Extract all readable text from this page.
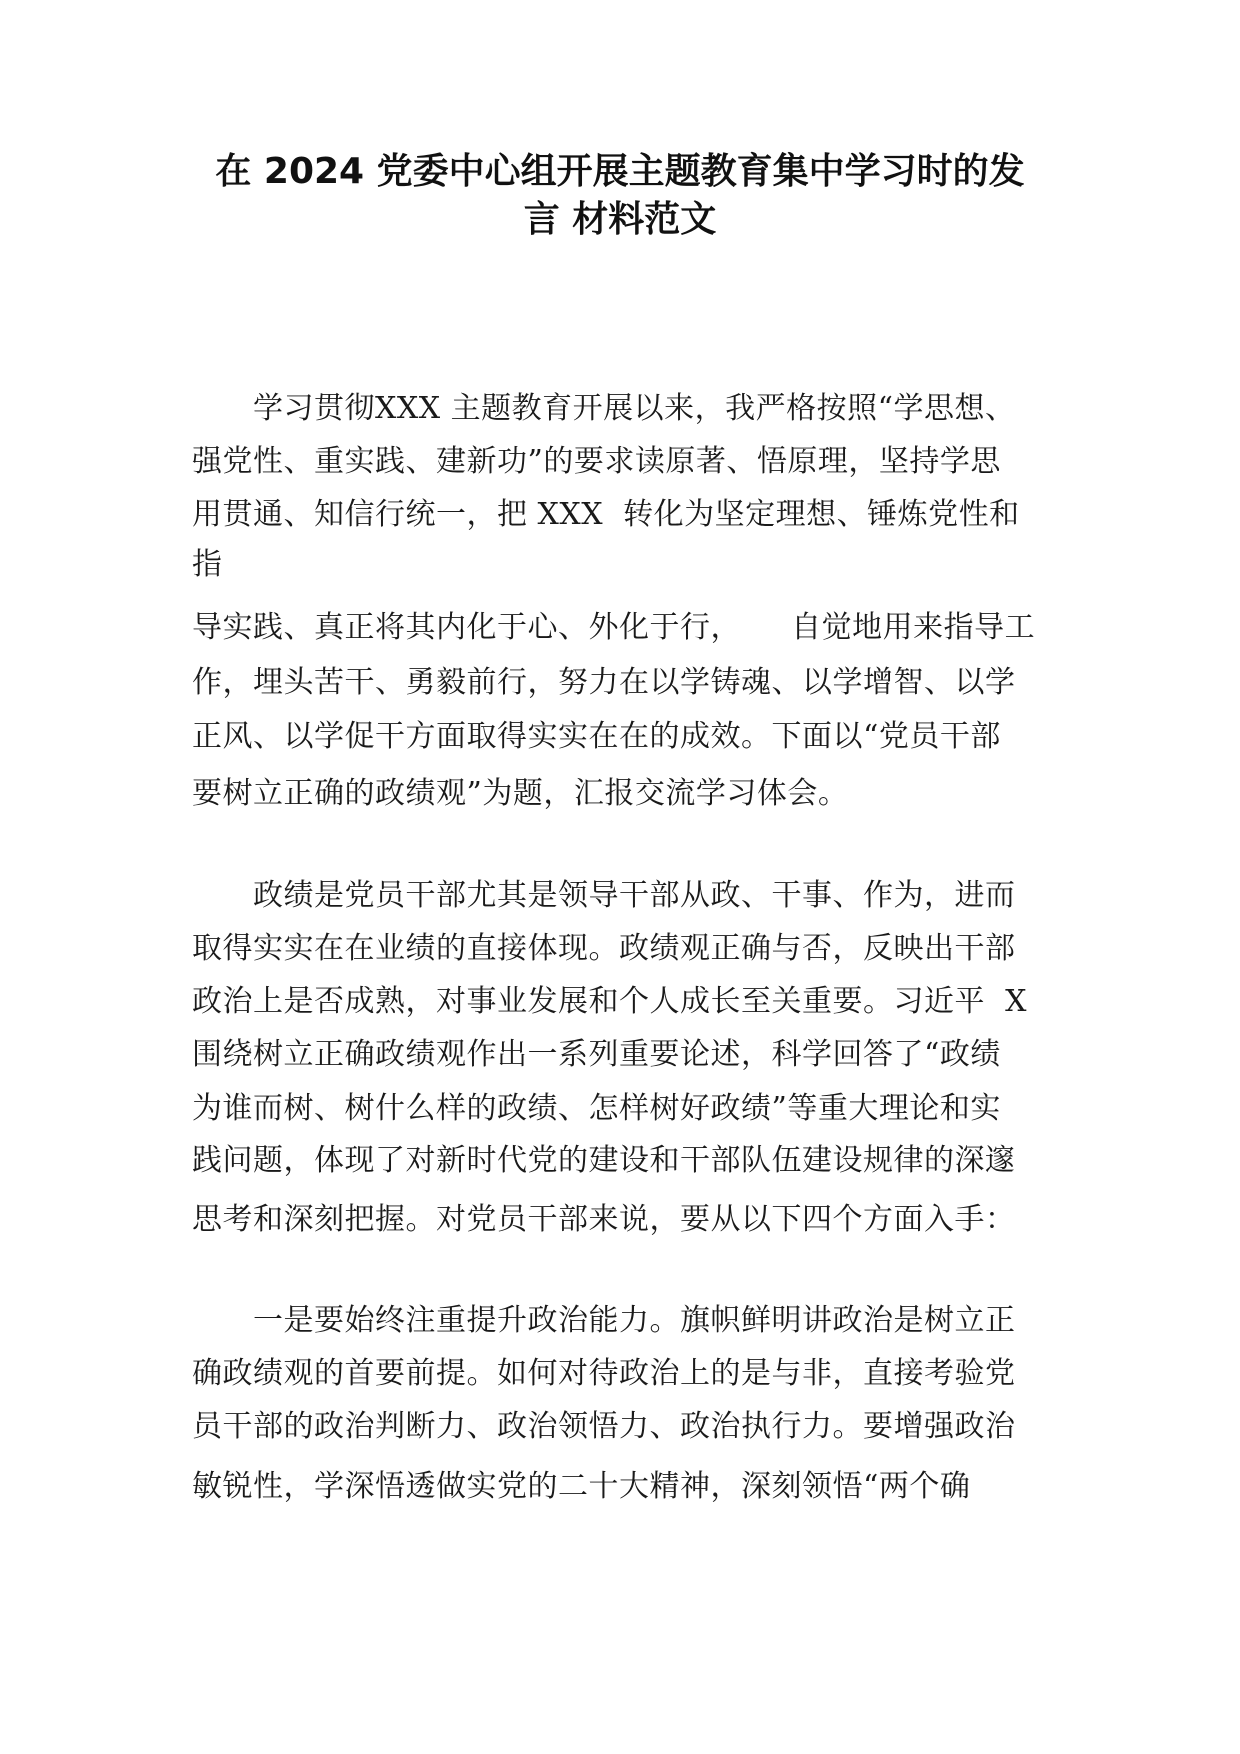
在 2024 党委中心组开展主题教育集中学习时的发
言 材料范文
学习贯彻XXX 主题教育开展以来，我严格按照“学思想、
强党性、重实践、建新功”的要求读原著、悟原理，坚持学思
用贯通、知信行统一，把 XXX  转化为坚定理想、锤炼党性和
指
导实践、真正将其内化于心、外化于行，     自觉地用来指导工
作，埋头苦干、勇毅前行，努力在以学铸魂、以学增智、以学
正风、以学促干方面取得实实在在的成效。下面以“党员干部
要树立正确的政绩观”为题，汇报交流学习体会。
政绩是党员干部尤其是领导干部从政、干事、作为，进而
取得实实在在业绩的直接体现。政绩观正确与否，反映出干部
政治上是否成熟，对事业发展和个人成长至关重要。习近平  X
围绕树立正确政绩观作出一系列重要论述，科学回答了“政绩
为谁而树、树什么样的政绩、怎样树好政绩”等重大理论和实
践问题，体现了对新时代党的建设和干部队伍建设规律的深邃
思考和深刻把握。对党员干部来说，要从以下四个方面入手：
一是要始终注重提升政治能力。旗帜鲜明讲政治是树立正
确政绩观的首要前提。如何对待政治上的是与非，直接考验党
员干部的政治判断力、政治领悟力、政治执行力。要增强政治
敏锐性，学深悟透做实党的二十大精神，深刻领悟“两个确
